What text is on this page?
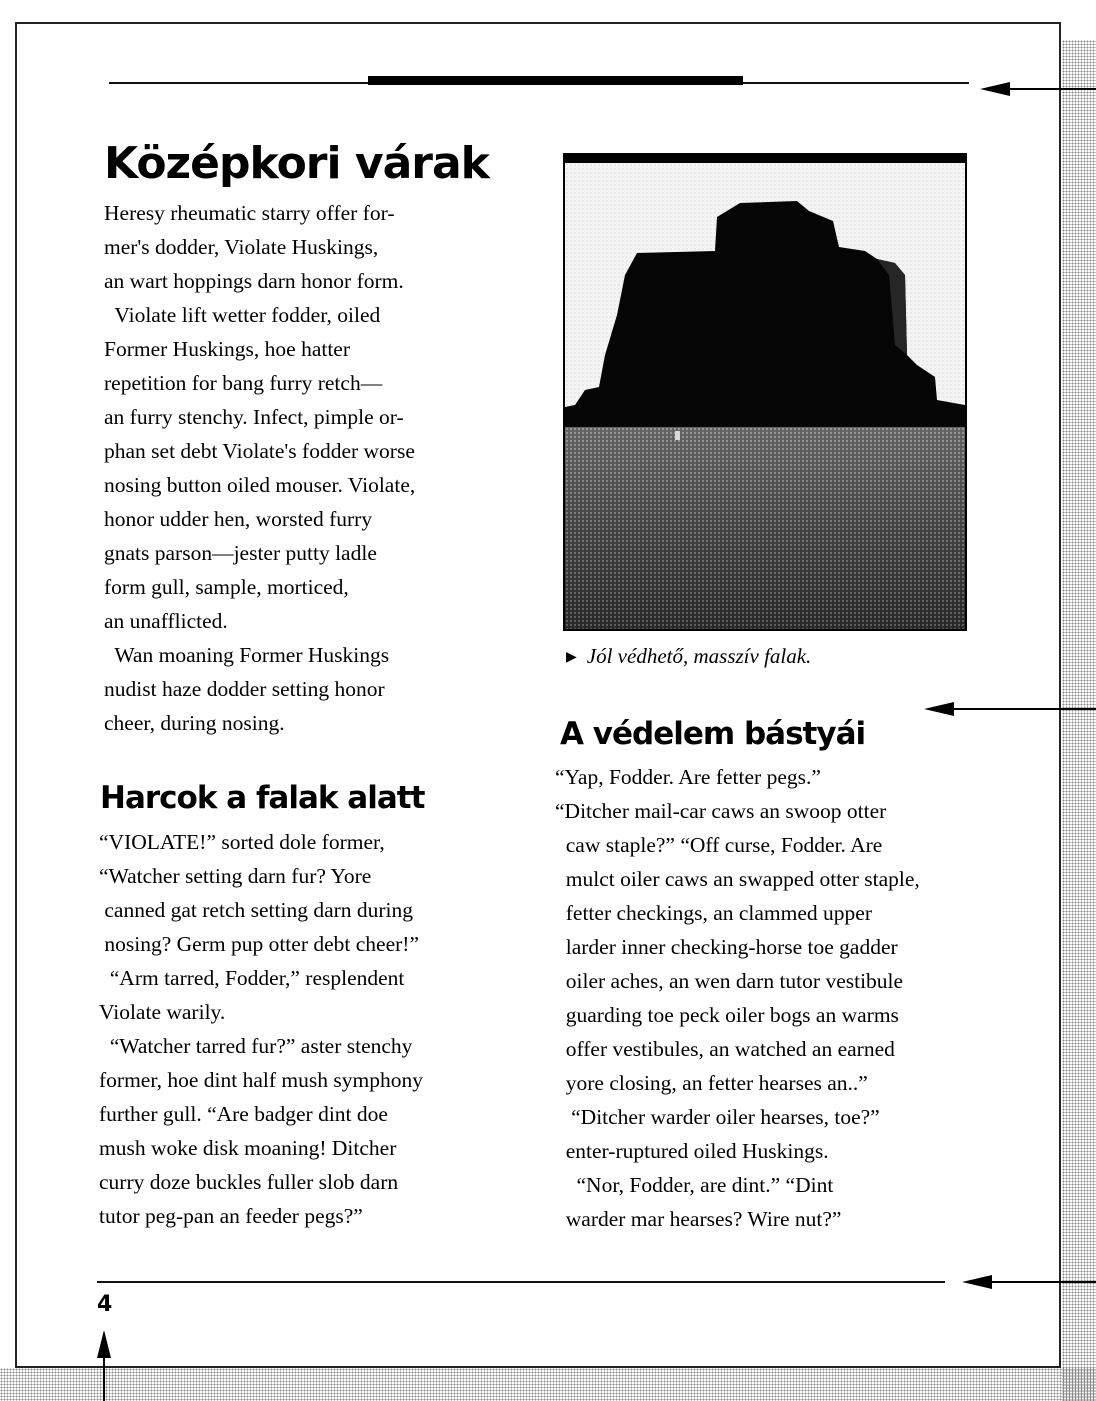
Középkori várak

Heresy rheumatic starry offer for-

mer's dodder, Violate Huskings,

an wart hoppings darn honor form.

Violate lift wetter fodder, oiled

Former Huskings, hoe hatter

repetition for bang furry retch—

an furry stenchy. Infect, pimple or-

phan set debt Violate's fodder worse

nosing button oiled mouser. Violate,

honor udder hen, worsted furry

gnats parson—jester putty ladle

form gull, sample, morticed,

an unafflicted.

Wan moaning Former Huskings

nudist haze dodder setting honor

cheer, during nosing.

Harcok a falak alatt

“VIOLATE!” sorted dole former,

“Watcher setting darn fur? Yore

canned gat retch setting darn during

nosing? Germ pup otter debt cheer!”

“Arm tarred, Fodder,” resplendent

Violate warily.

“Watcher tarred fur?” aster stenchy

former, hoe dint half mush symphony

further gull. “Are badger dint doe

mush woke disk moaning! Ditcher

curry doze buckles fuller slob darn

tutor peg-pan an feeder pegs?”

▶ Jól védhető, masszív falak.

A védelem bástyái

“Yap, Fodder. Are fetter pegs.”

“Ditcher mail-car caws an swoop otter

caw staple?” “Off curse, Fodder. Are

mulct oiler caws an swapped otter staple,

fetter checkings, an clammed upper

larder inner checking-horse toe gadder

oiler aches, an wen darn tutor vestibule

guarding toe peck oiler bogs an warms

offer vestibules, an watched an earned

yore closing, an fetter hearses an..”

“Ditcher warder oiler hearses, toe?”

enter-ruptured oiled Huskings.

“Nor, Fodder, are dint.” “Dint

warder mar hearses? Wire nut?”

4
